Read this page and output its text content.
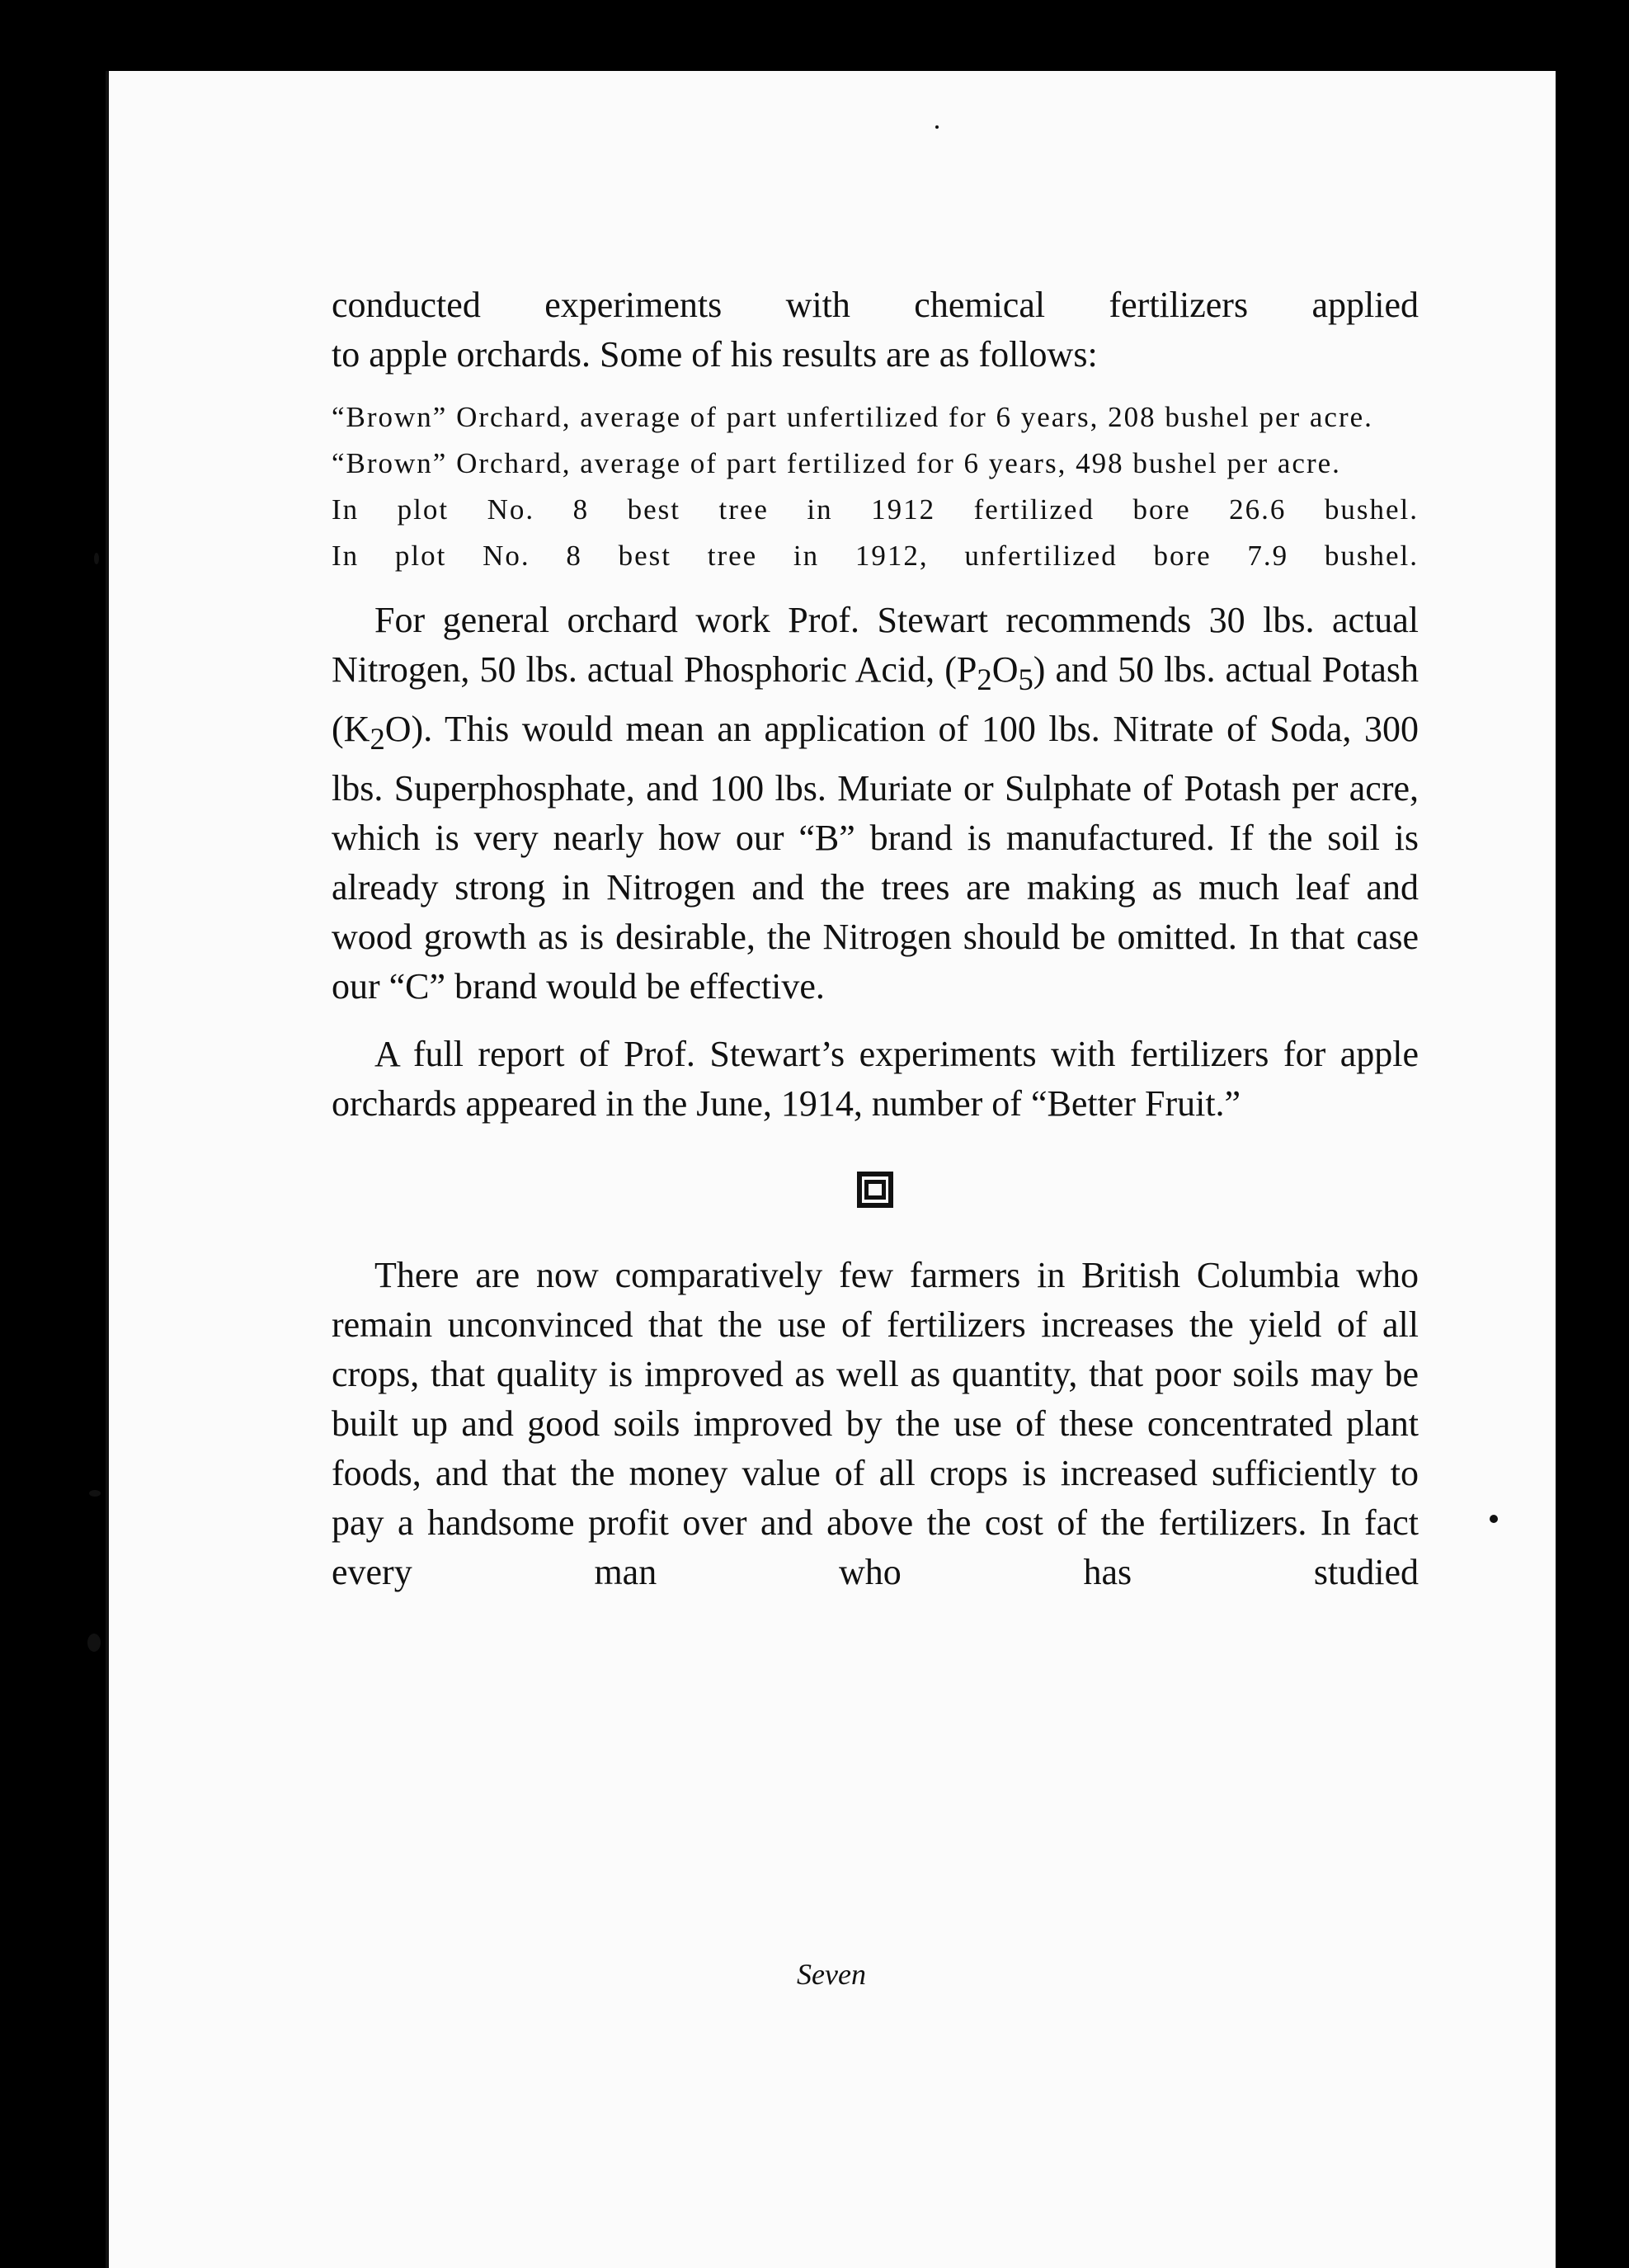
conducted experiments with chemical fertilizers applied

to apple orchards. Some of his results are as follows:

“Brown” Orchard, average of part unfertilized for 6 years, 208 bushel per acre.
“Brown” Orchard, average of part fertilized for 6 years, 498 bushel per acre.
In plot No. 8 best tree in 1912 fertilized bore 26.6 bushel.
In plot No. 8 best tree in 1912, unfertilized bore 7.9 bushel.

For general orchard work Prof. Stewart recommends 30 lbs. actual Nitrogen, 50 lbs. actual Phosphoric Acid, $(P_2O_5)$ and 50 lbs. actual Potash $(K_2O)$. This would mean an application of 100 lbs. Nitrate of Soda, 300 lbs. Superphosphate, and 100 lbs. Muriate or Sulphate of Potash per acre, which is very nearly how our “B” brand is manufactured. If the soil is already strong in Nitrogen and the trees are making as much leaf and wood growth as is desirable, the Nitrogen should be omitted. In that case our “C” brand would be effective.

A full report of Prof. Stewart’s experiments with fertilizers for apple orchards appeared in the June, 1914, number of “Better Fruit.”

There are now comparatively few farmers in British Columbia who remain unconvinced that the use of fertilizers increases the yield of all crops, that quality is improved as well as quantity, that poor soils may be built up and good soils improved by the use of these concentrated plant foods, and that the money value of all crops is increased sufficiently to pay a handsome profit over and above the cost of the fertilizers. In fact every man who has studied

Seven
